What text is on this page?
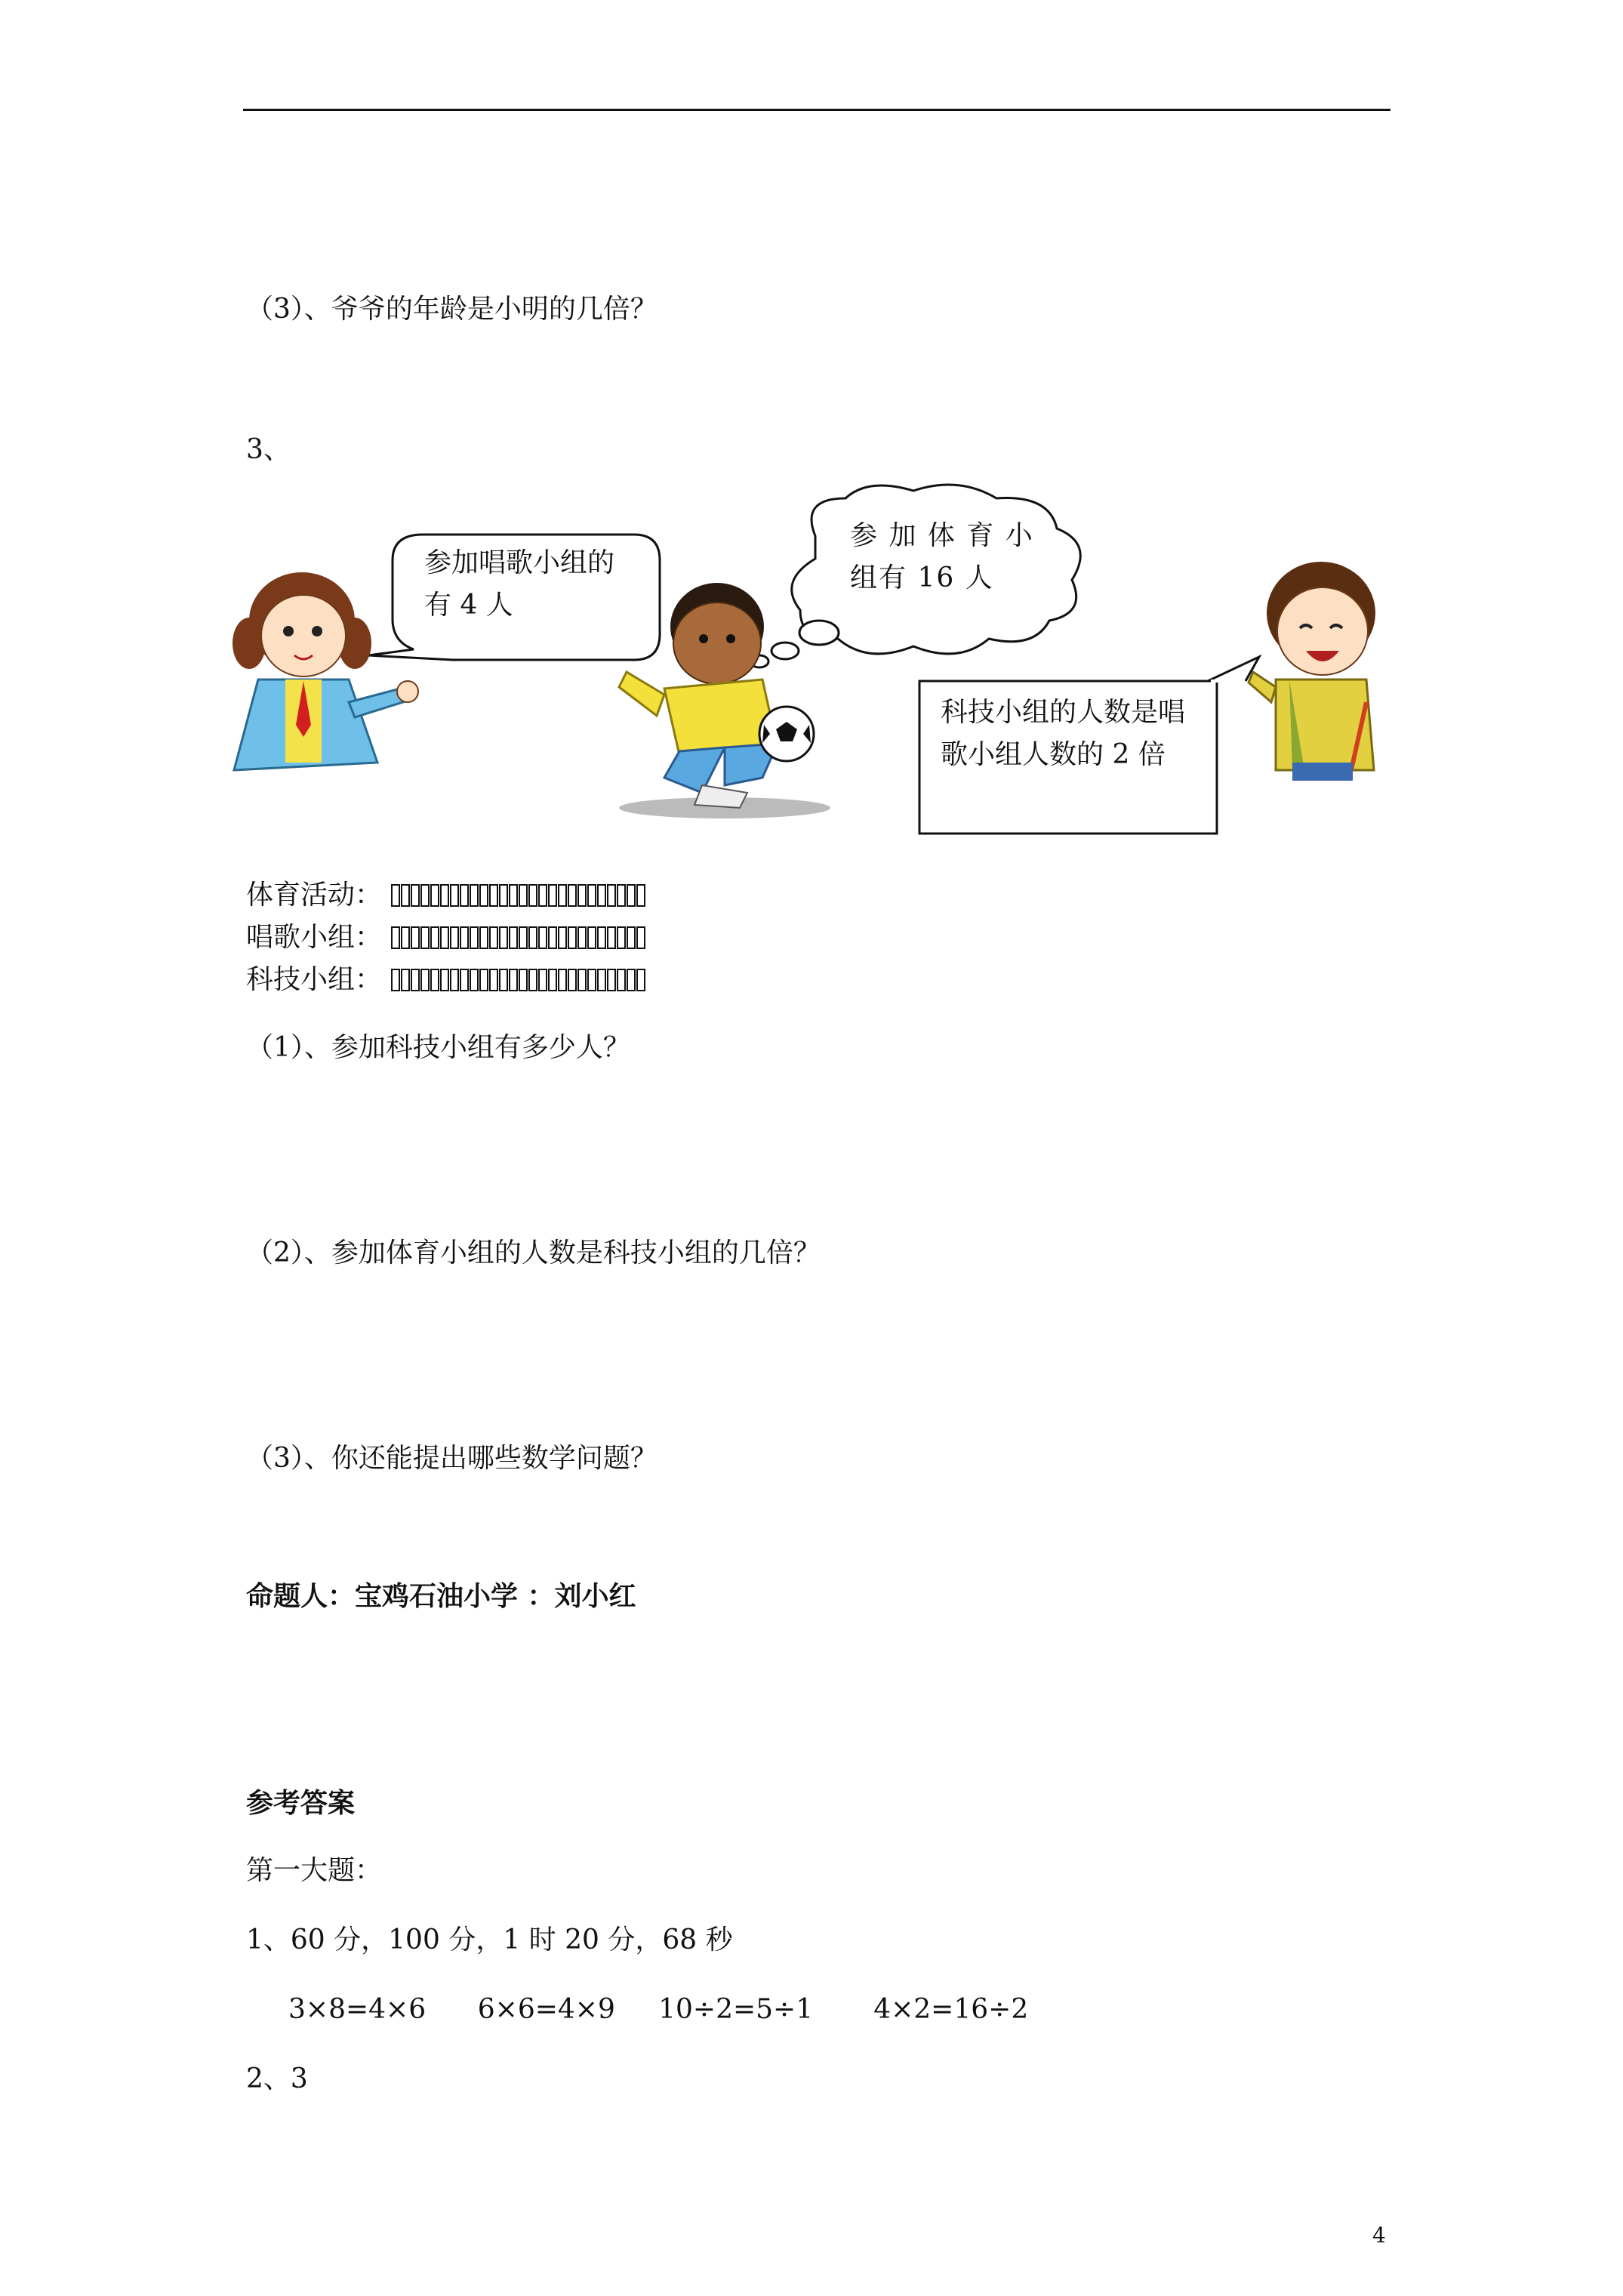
（3）、爷爷的年龄是小明的几倍？
3、
参加唱歌小组的
有 4 人
参 加 体 育 小
组有 16 人
科技小组的人数是唱
歌小组人数的 2 倍
体育活动：
唱歌小组：
科技小组：
（1）、参加科技小组有多少人？
（2）、参加体育小组的人数是科技小组的几倍？
（3）、你还能提出哪些数学问题？
命题人：宝鸡石油小学 ：刘小红
参考答案
第一大题：
1、60 分，100 分，1 时 20 分，68 秒
3×8=4×6      6×6=4×9     10÷2=5÷1       4×2=16÷2
2、3
4
